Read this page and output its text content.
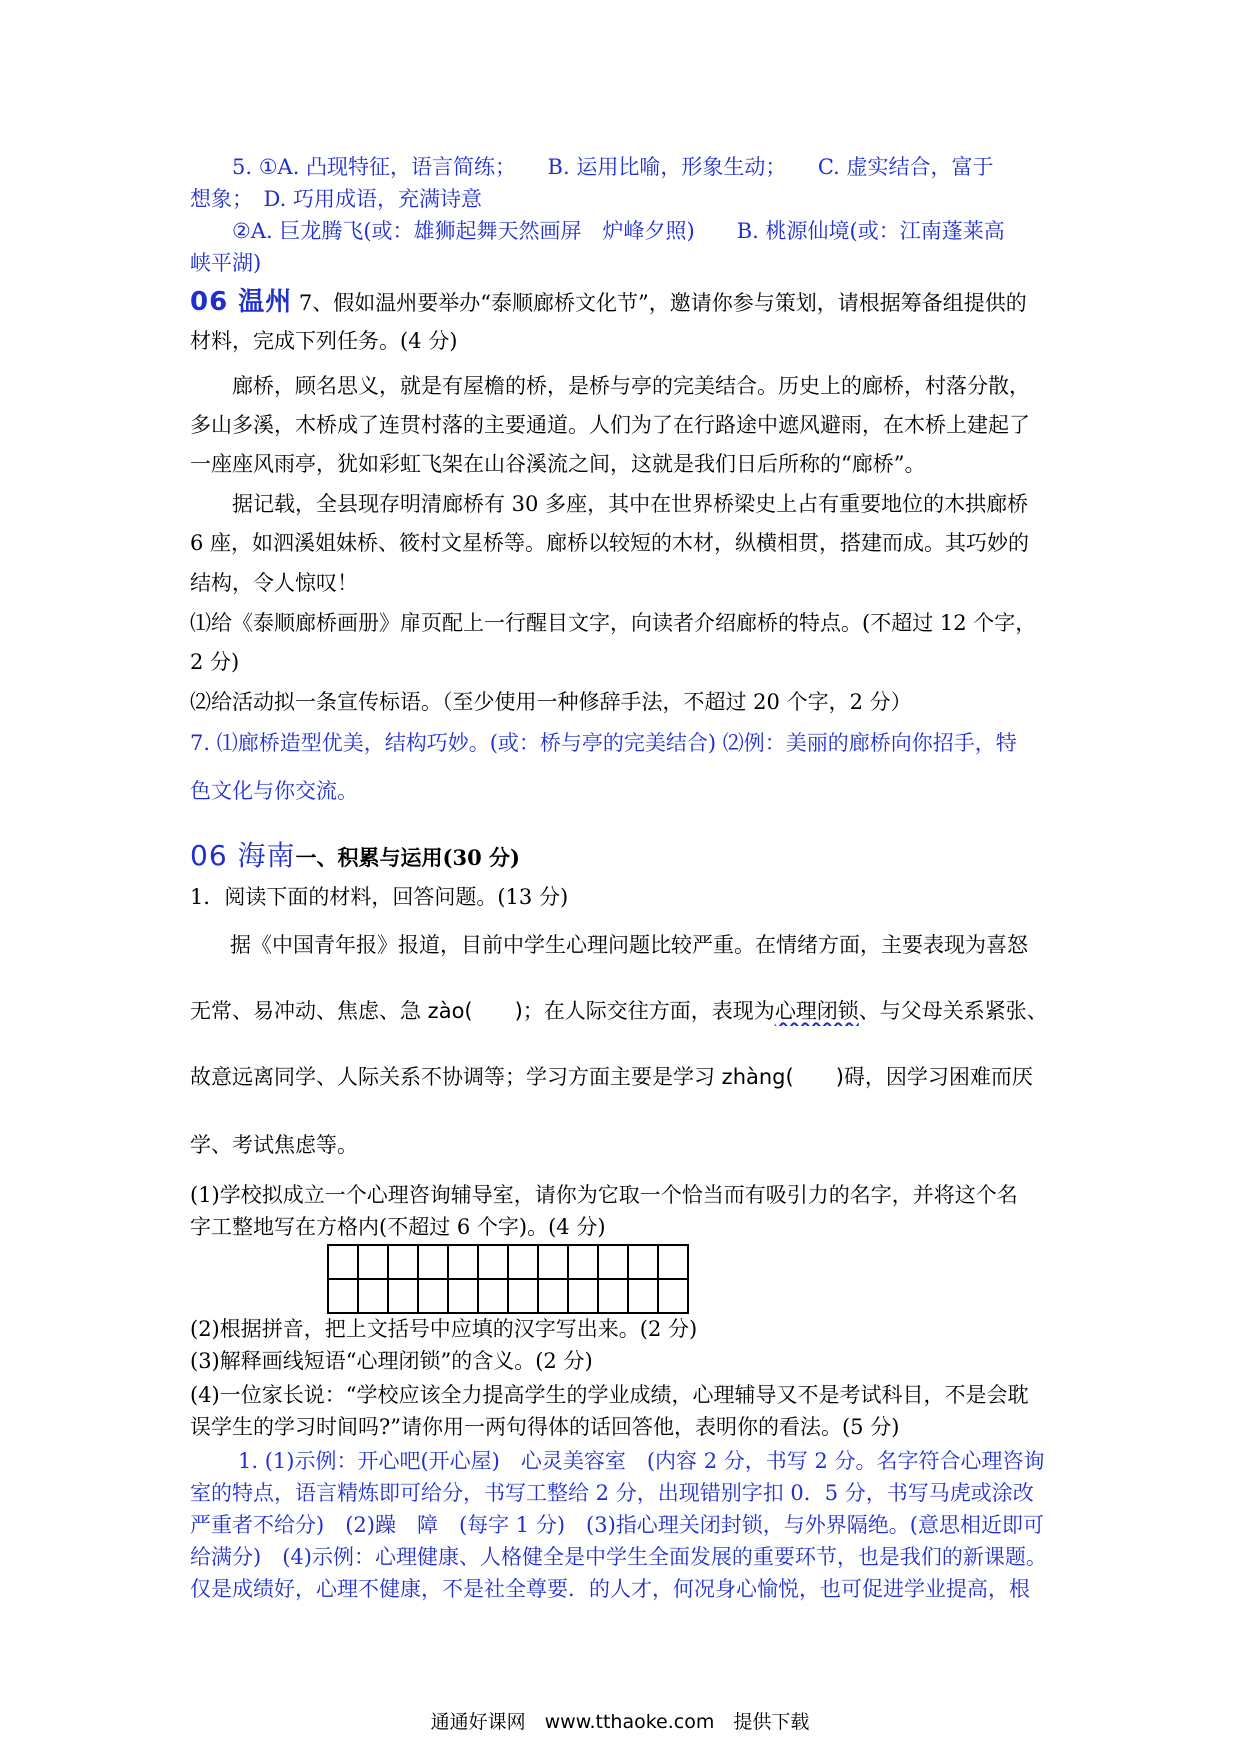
5. ①A. 凸现特征，语言简练；　　B. 运用比喻，形象生动；　　C. 虚实结合，富于
想象；　D. 巧用成语，充满诗意
②A. 巨龙腾飞(或：雄狮起舞天然画屏　炉峰夕照)　　B. 桃源仙境(或：江南蓬莱高
峡平湖)
06 温州 7、假如温州要举办“泰顺廊桥文化节”，邀请你参与策划，请根据筹备组提供的
材料，完成下列任务。(4 分)
廊桥，顾名思义，就是有屋檐的桥，是桥与亭的完美结合。历史上的廊桥，村落分散，
多山多溪，木桥成了连贯村落的主要通道。人们为了在行路途中遮风避雨，在木桥上建起了
一座座风雨亭，犹如彩虹飞架在山谷溪流之间，这就是我们日后所称的“廊桥”。
据记载，全县现存明清廊桥有 30 多座，其中在世界桥梁史上占有重要地位的木拱廊桥
6 座，如泗溪姐妹桥、筱村文星桥等。廊桥以较短的木材，纵横相贯，搭建而成。其巧妙的
结构，令人惊叹！
⑴给《泰顺廊桥画册》扉页配上一行醒目文字，向读者介绍廊桥的特点。(不超过 12 个字，
2 分)
⑵给活动拟一条宣传标语。（至少使用一种修辞手法，不超过 20 个字，2 分）
7. ⑴廊桥造型优美，结构巧妙。(或：桥与亭的完美结合) ⑵例：美丽的廊桥向你招手，特
色文化与你交流。
06 海南一、积累与运用(30 分)
1．阅读下面的材料，回答问题。(13 分)
据《中国青年报》报道，目前中学生心理问题比较严重。在情绪方面，主要表现为喜怒
无常、易冲动、焦虑、急 zào(　　)；在人际交往方面，表现为心理闭锁、与父母关系紧张、
故意远离同学、人际关系不协调等；学习方面主要是学习 zhàng(　　)碍，因学习困难而厌
学、考试焦虑等。
(1)学校拟成立一个心理咨询辅导室，请你为它取一个恰当而有吸引力的名字，并将这个名
字工整地写在方格内(不超过 6 个字)。(4 分)

(2)根据拼音，把上文括号中应填的汉字写出来。(2 分)
(3)解释画线短语“心理闭锁”的含义。(2 分)
(4)一位家长说：“学校应该全力提高学生的学业成绩，心理辅导又不是考试科目，不是会耽
误学生的学习时间吗?”请你用一两句得体的话回答他，表明你的看法。(5 分)
1. (1)示例：开心吧(开心屋)　心灵美容室　(内容 2 分，书写 2 分。名字符合心理咨询
室的特点，语言精炼即可给分，书写工整给 2 分，出现错别字扣 0．5 分，书写马虎或涂改
严重者不给分)　(2)躁　障　(每字 1 分)　(3)指心理关闭封锁，与外界隔绝。(意思相近即可
给满分)　(4)示例：心理健康、人格健全是中学生全面发展的重要环节，也是我们的新课题。
仅是成绩好，心理不健康，不是社全尊要．的人才，何况身心愉悦，也可促进学业提高，根
通通好课网　www.tthaoke.com　提供下载
